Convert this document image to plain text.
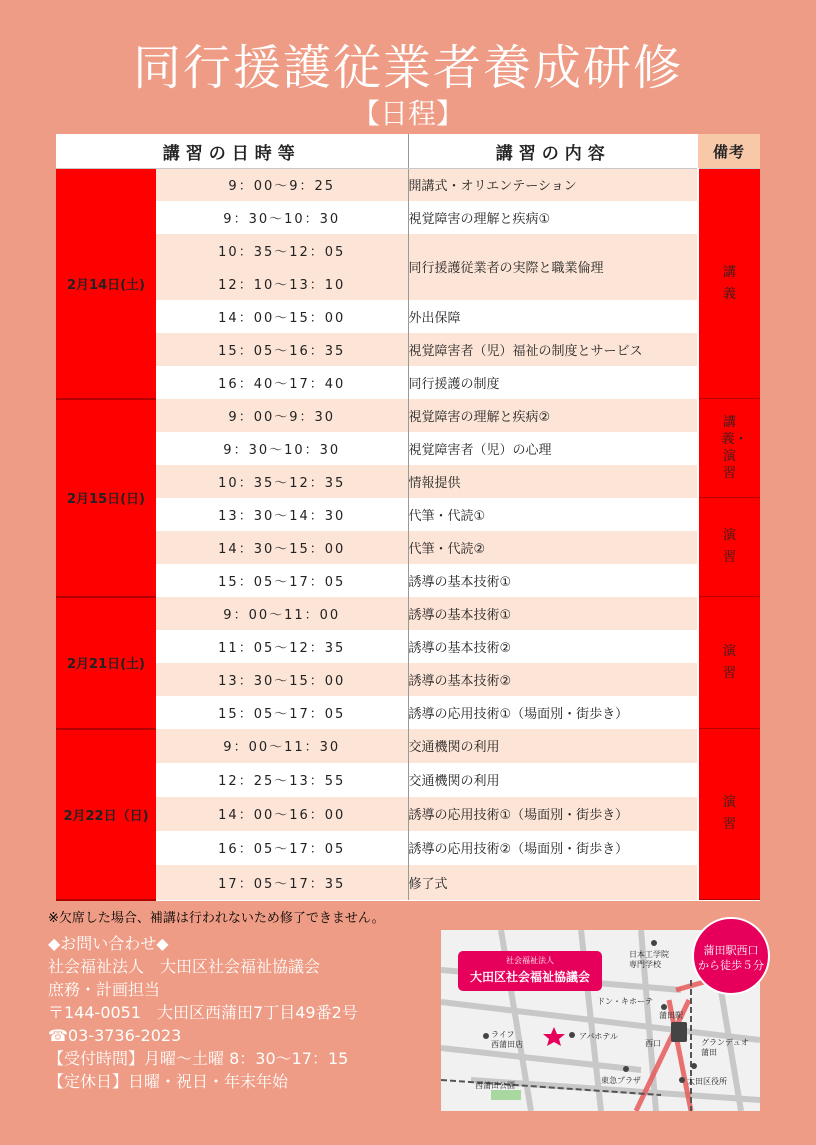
同行援護従業者養成研修
【日程】
講習の日時等		講習の内容	備考
2月14日(土)	9：00〜9：25	開講式・オリエンテーション	講義
	9：30〜10：30	視覚障害の理解と疾病①	
	10：35〜12：05	同行援護従業者の実際と職業倫理	
	12：10〜13：10		
	14：00〜15：00	外出保障	
	15：05〜16：35	視覚障害者（児）福祉の制度とサービス	
	16：40〜17：40	同行援護の制度	
2月15日(日)	9：00〜9：30	視覚障害の理解と疾病②	講義・演習
	9：30〜10：30	視覚障害者（児）の心理	
	10：35〜12：35	情報提供	
	13：30〜14：30	代筆・代読①	演習
	14：30〜15：00	代筆・代読②	
	15：05〜17：05	誘導の基本技術①	
2月21日(土)	9：00〜11：00	誘導の基本技術①	演習
	11：05〜12：35	誘導の基本技術②	
	13：30〜15：00	誘導の基本技術②	
	15：05〜17：05	誘導の応用技術①（場面別・街歩き）	
2月22日（日)	9：00〜11：30	交通機関の利用	演習
	12：25〜13：55	交通機関の利用	
	14：00〜16：00	誘導の応用技術①（場面別・街歩き）	
	16：05〜17：05	誘導の応用技術②（場面別・街歩き）	
	17：05〜17：35	修了式	
※欠席した場合、補講は行われないため修了できません。
◆お問い合わせ◆
社会福祉法人　大田区社会福祉協議会
庶務・計画担当
〒144-0051　大田区西蒲田7丁目49番2号
☎03-3736-2023
【受付時間】月曜〜土曜 8：30〜17：15
【定休日】日曜・祝日・年末年始
社会福祉法人
大田区社会福祉協議会
日本工学院
専門学校
ドン・キホーテ
蒲田駅
アパホテル
ライフ
西蒲田店	西口	グランデュオ
蒲田
東急プラザ	大田区役所
西蒲田公園
蒲田駅西口
から徒歩５分
